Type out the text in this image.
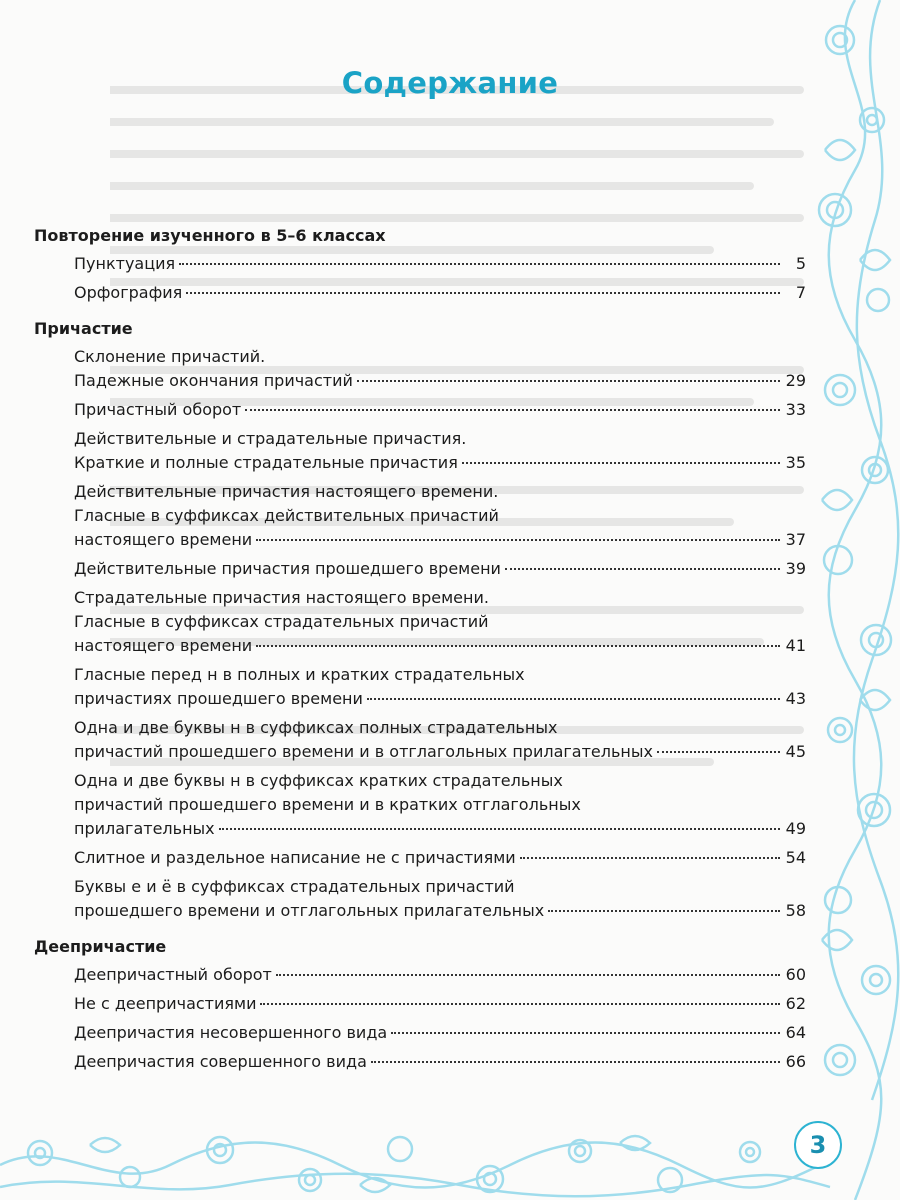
Содержание
Повторение изученного в 5–6 классах
Пунктуация	5
Орфография	7
Причастие
Склонение причастий.
Падежные окончания причастий	29
Причастный оборот	33
Действительные и страдательные причастия.
Краткие и полные страдательные причастия	35
Действительные причастия настоящего времени.
Гласные в суффиксах действительных причастий
настоящего времени	37
Действительные причастия прошедшего времени	39
Страдательные причастия настоящего времени.
Гласные в суффиксах страдательных причастий
настоящего времени	41
Гласные перед н в полных и кратких страдательных
причастиях прошедшего времени	43
Одна и две буквы н в суффиксах полных страдательных
причастий прошедшего времени и в отглагольных прилагательных	45
Одна и две буквы н в суффиксах кратких страдательных
причастий прошедшего времени и в кратких отглагольных
прилагательных	49
Слитное и раздельное написание не с причастиями	54
Буквы е и ё в суффиксах страдательных причастий
прошедшего времени и отглагольных прилагательных	58
Деепричастие
Деепричастный оборот	60
Не с деепричастиями	62
Деепричастия несовершенного вида	64
Деепричастия совершенного вида	66
3
